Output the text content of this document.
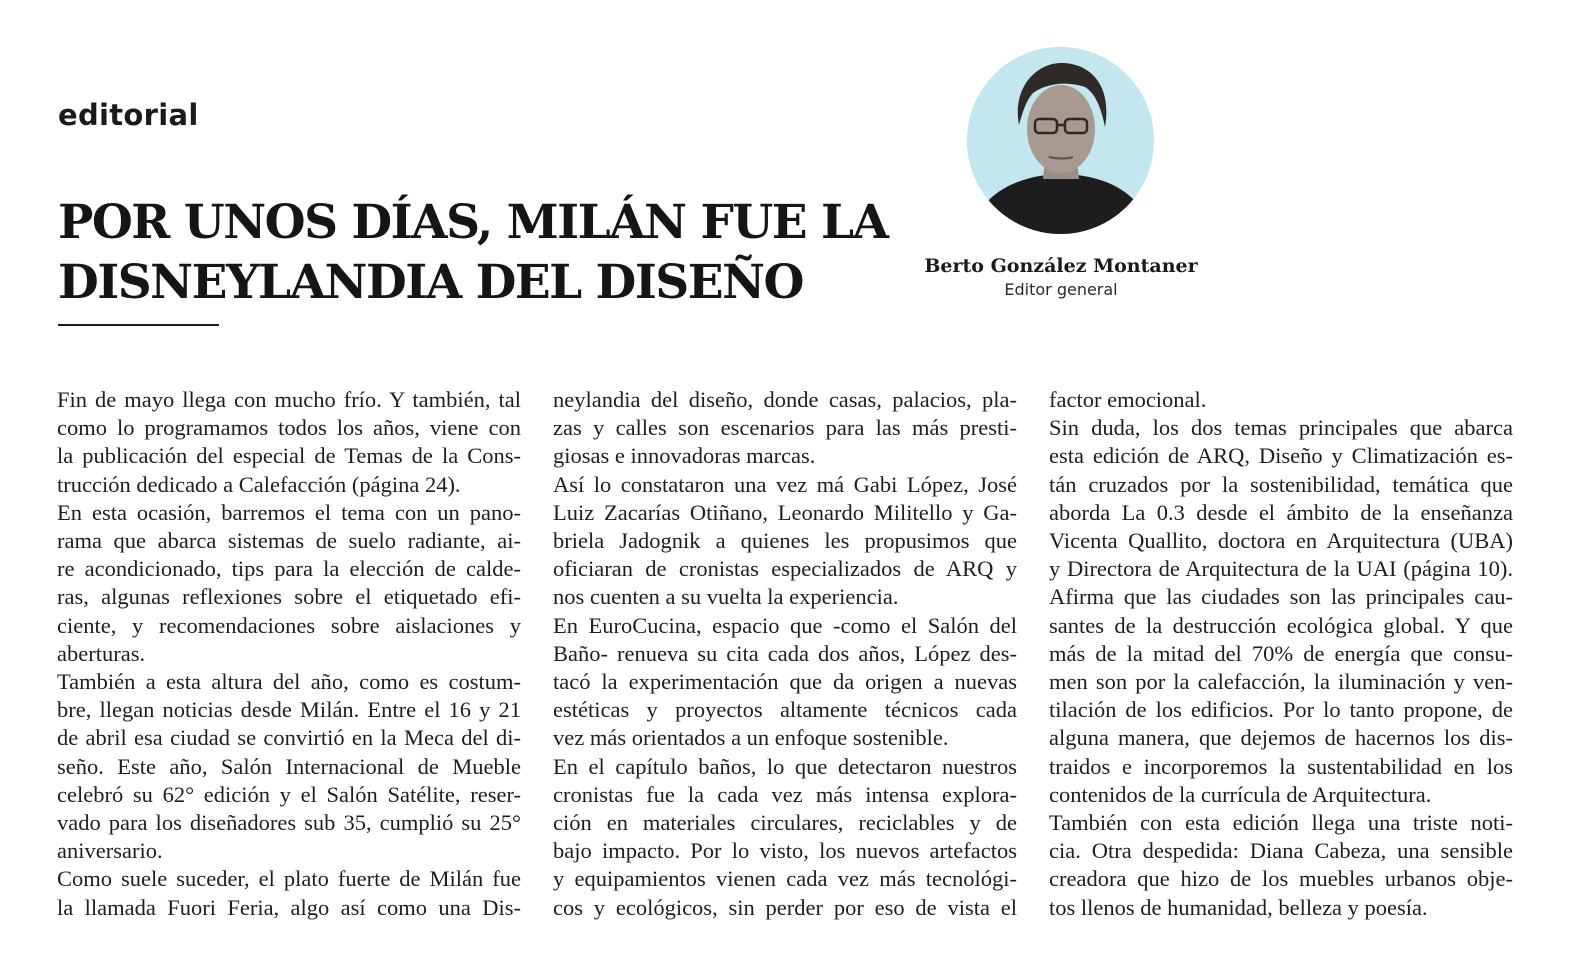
editorial
POR UNOS DÍAS, MILÁN FUE LA
DISNEYLANDIA DEL DISEÑO	Berto González Montaner
Editor general
Fin de mayo llega con mucho frío. Y también, tal
como lo programamos todos los años, viene con
la publicación del especial de Temas de la Cons-
trucción dedicado a Calefacción (página 24).
En esta ocasión, barremos el tema con un pano-
rama que abarca sistemas de suelo radiante, ai-
re acondicionado, tips para la elección de calde-
ras, algunas reflexiones sobre el etiquetado efi-
ciente, y recomendaciones sobre aislaciones y
aberturas.
También a esta altura del año, como es costum-
bre, llegan noticias desde Milán. Entre el 16 y 21
de abril esa ciudad se convirtió en la Meca del di-
seño. Este año, Salón Internacional de Mueble
celebró su 62° edición y el Salón Satélite, reser-
vado para los diseñadores sub 35, cumplió su 25°
aniversario.
Como suele suceder, el plato fuerte de Milán fue
la llamada Fuori Feria, algo así como una Dis-
neylandia del diseño, donde casas, palacios, pla-
zas y calles son escenarios para las más presti-
giosas e innovadoras marcas.
Así lo constataron una vez má Gabi López, José
Luiz Zacarías Otiñano, Leonardo Militello y Ga-
briela Jadognik a quienes les propusimos que
oficiaran de cronistas especializados de ARQ y
nos cuenten a su vuelta la experiencia.
En EuroCucina, espacio que -como el Salón del
Baño- renueva su cita cada dos años, López des-
tacó la experimentación que da origen a nuevas
estéticas y proyectos altamente técnicos cada
vez más orientados a un enfoque sostenible.
En el capítulo baños, lo que detectaron nuestros
cronistas fue la cada vez más intensa explora-
ción en materiales circulares, reciclables y de
bajo impacto. Por lo visto, los nuevos artefactos
y equipamientos vienen cada vez más tecnológi-
cos y ecológicos, sin perder por eso de vista el
factor emocional.
Sin duda, los dos temas principales que abarca
esta edición de ARQ, Diseño y Climatización es-
tán cruzados por la sostenibilidad, temática que
aborda La 0.3 desde el ámbito de la enseñanza
Vicenta Quallito, doctora en Arquitectura (UBA)
y Directora de Arquitectura de la UAI (página 10).
Afirma que las ciudades son las principales cau-
santes de la destrucción ecológica global. Y que
más de la mitad del 70% de energía que consu-
men son por la calefacción, la iluminación y ven-
tilación de los edificios. Por lo tanto propone, de
alguna manera, que dejemos de hacernos los dis-
traidos e incorporemos la sustentabilidad en los
contenidos de la currícula de Arquitectura.
También con esta edición llega una triste noti-
cia. Otra despedida: Diana Cabeza, una sensible
creadora que hizo de los muebles urbanos obje-
tos llenos de humanidad, belleza y poesía.
